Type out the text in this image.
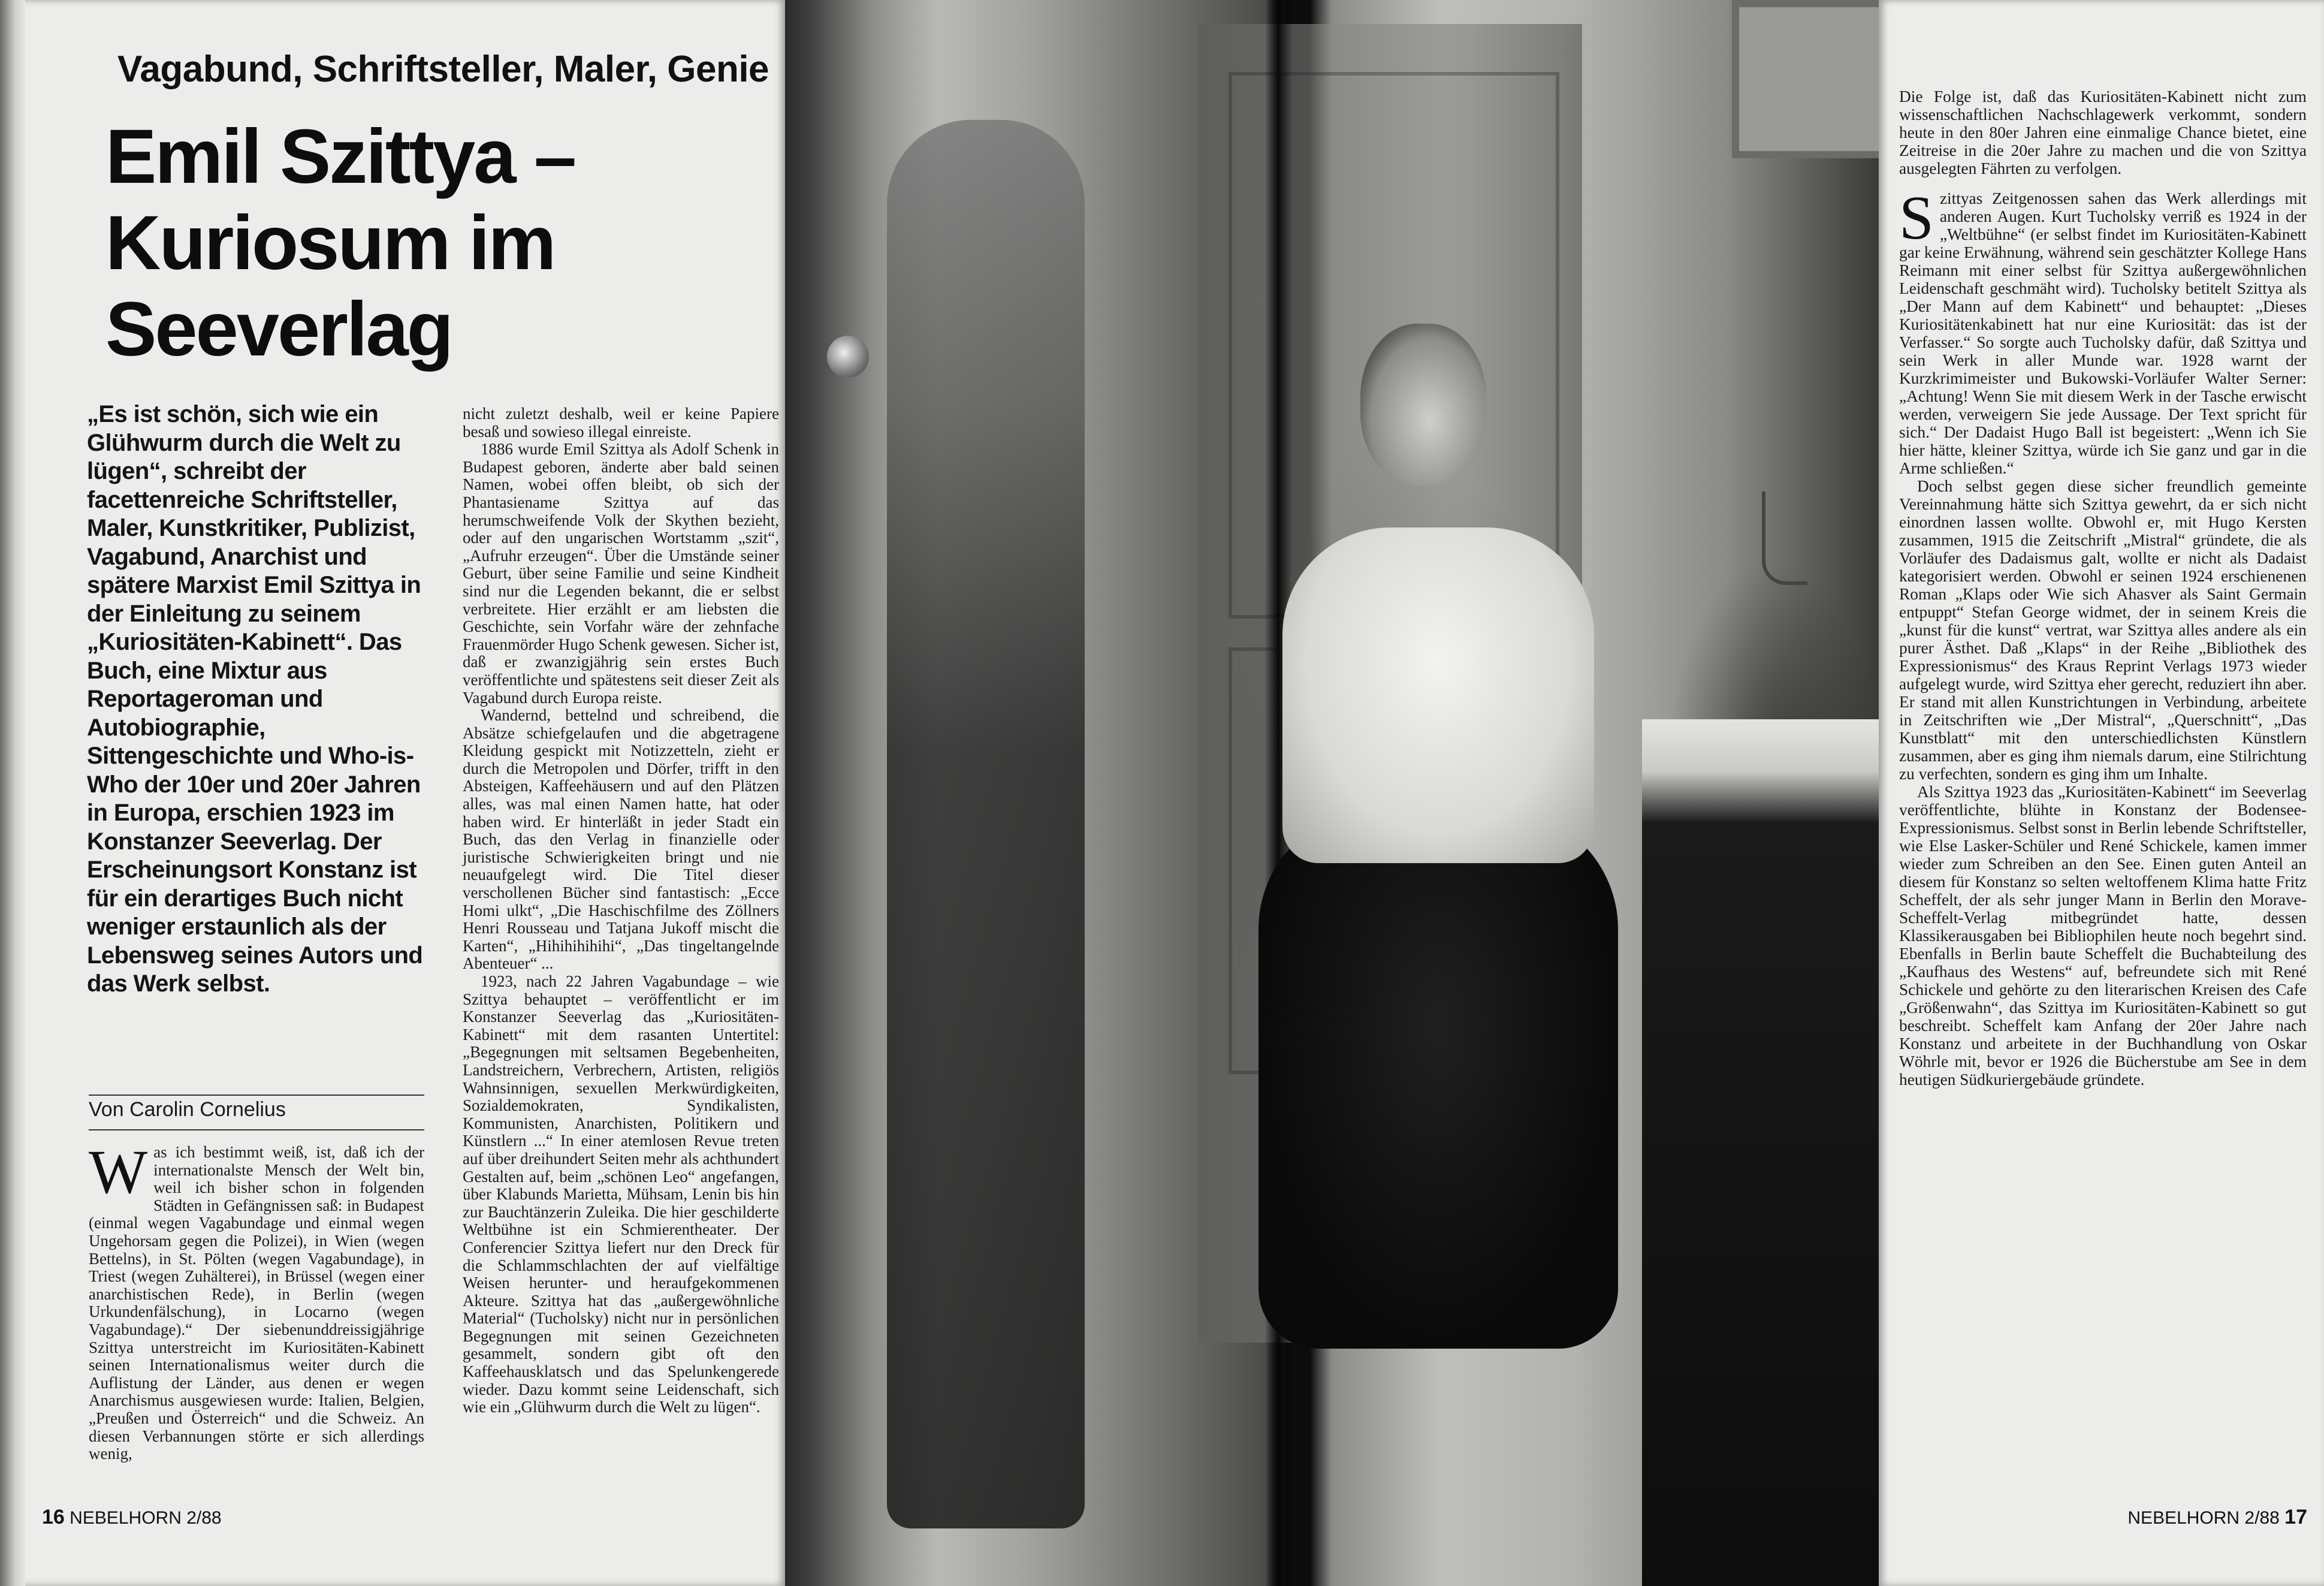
Vagabund, Schriftsteller, Maler, Genie
Emil Szittya –
Kuriosum im
Seeverlag
„Es ist schön, sich wie ein Glühwurm durch die Welt zu lügen“, schreibt der facettenreiche Schriftsteller, Maler, Kunstkritiker, Publizist, Vagabund, Anarchist und spätere Marxist Emil Szittya in der Einleitung zu seinem „Kuriositäten-Kabinett“. Das Buch, eine Mixtur aus Reportageroman und Autobiographie, Sittengeschichte und Who-is-Who der 10er und 20er Jahren in Europa, erschien 1923 im Konstanzer Seeverlag. Der Erscheinungsort Konstanz ist für ein derartiges Buch nicht weniger erstaunlich als der Lebensweg seines Autors und das Werk selbst.
Von Carolin Cornelius

Was ich bestimmt weiß, ist, daß ich der internationalste Mensch der Welt bin, weil ich bisher schon in folgenden Städten in Gefängnissen saß: in Budapest (einmal wegen Vagabundage und einmal wegen Ungehorsam gegen die Polizei), in Wien (wegen Bettelns), in St. Pölten (wegen Vagabundage), in Triest (wegen Zuhälterei), in Brüssel (wegen einer anarchistischen Rede), in Berlin (wegen Urkundenfälschung), in Locarno (wegen Vagabundage).“ Der siebenunddreissigjährige Szittya unterstreicht im Kuriositäten-Kabinett seinen Internationalismus weiter durch die Auflistung der Länder, aus denen er wegen Anarchismus ausgewiesen wurde: Italien, Belgien, „Preußen und Österreich“ und die Schweiz. An diesen Verbannungen störte er sich allerdings wenig,

nicht zuletzt deshalb, weil er keine Papiere besaß und sowieso illegal einreiste.

1886 wurde Emil Szittya als Adolf Schenk in Budapest geboren, änderte aber bald seinen Namen, wobei offen bleibt, ob sich der Phantasiename Szittya auf das herumschweifende Volk der Skythen bezieht, oder auf den ungarischen Wortstamm „szit“, „Aufruhr erzeugen“. Über die Umstände seiner Geburt, über seine Familie und seine Kindheit sind nur die Legenden bekannt, die er selbst verbreitete. Hier erzählt er am liebsten die Geschichte, sein Vorfahr wäre der zehnfache Frauenmörder Hugo Schenk gewesen. Sicher ist, daß er zwanzigjährig sein erstes Buch veröffentlichte und spätestens seit dieser Zeit als Vagabund durch Europa reiste.

Wandernd, bettelnd und schreibend, die Absätze schiefgelaufen und die abgetragene Kleidung gespickt mit Notizzetteln, zieht er durch die Metropolen und Dörfer, trifft in den Absteigen, Kaffeehäusern und auf den Plätzen alles, was mal einen Namen hatte, hat oder haben wird. Er hinterläßt in jeder Stadt ein Buch, das den Verlag in finanzielle oder juristische Schwierigkeiten bringt und nie neuaufgelegt wird. Die Titel dieser verschollenen Bücher sind fantastisch: „Ecce Homi ulkt“, „Die Haschischfilme des Zöllners Henri Rousseau und Tatjana Jukoff mischt die Karten“, „Hihihihihihi“, „Das tingeltangelnde Abenteuer“ ...

1923, nach 22 Jahren Vagabundage – wie Szittya behauptet – veröffentlicht er im Konstanzer Seeverlag das „Kuriositäten-Kabinett“ mit dem rasanten Untertitel: „Begegnungen mit seltsamen Begebenheiten, Landstreichern, Verbrechern, Artisten, religiös Wahnsinnigen, sexuellen Merkwürdigkeiten, Sozialdemokraten, Syndikalisten, Kommunisten, Anarchisten, Politikern und Künstlern ...“ In einer atemlosen Revue treten auf über dreihundert Seiten mehr als achthundert Gestalten auf, beim „schönen Leo“ angefangen, über Klabunds Marietta, Mühsam, Lenin bis hin zur Bauchtänzerin Zuleika. Die hier geschilderte Weltbühne ist ein Schmierentheater. Der Conferencier Szittya liefert nur den Dreck für die Schlammschlachten der auf vielfältige Weisen herunter- und heraufgekommenen Akteure. Szittya hat das „außergewöhnliche Material“ (Tucholsky) nicht nur in persönlichen Begegnungen mit seinen Gezeichneten gesammelt, sondern gibt oft den Kaffeehausklatsch und das Spelunkengerede wieder. Dazu kommt seine Leidenschaft, sich wie ein „Glühwurm durch die Welt zu lügen“.

16 NEBELHORN 2/88

Die Folge ist, daß das Kuriositäten-Kabinett nicht zum wissenschaftlichen Nachschlagewerk verkommt, sondern heute in den 80er Jahren eine einmalige Chance bietet, eine Zeitreise in die 20er Jahre zu machen und die von Szittya ausgelegten Fährten zu verfolgen.

Szittyas Zeitgenossen sahen das Werk allerdings mit anderen Augen. Kurt Tucholsky verriß es 1924 in der „Weltbühne“ (er selbst findet im Kuriositäten-Kabinett gar keine Erwähnung, während sein geschätzter Kollege Hans Reimann mit einer selbst für Szittya außergewöhnlichen Leidenschaft geschmäht wird). Tucholsky betitelt Szittya als „Der Mann auf dem Kabinett“ und behauptet: „Dieses Kuriositätenkabinett hat nur eine Kuriosität: das ist der Verfasser.“ So sorgte auch Tucholsky dafür, daß Szittya und sein Werk in aller Munde war. 1928 warnt der Kurzkrimimeister und Bukowski-Vorläufer Walter Serner: „Achtung! Wenn Sie mit diesem Werk in der Tasche erwischt werden, verweigern Sie jede Aussage. Der Text spricht für sich.“ Der Dadaist Hugo Ball ist begeistert: „Wenn ich Sie hier hätte, kleiner Szittya, würde ich Sie ganz und gar in die Arme schließen.“

Doch selbst gegen diese sicher freundlich gemeinte Vereinnahmung hätte sich Szittya gewehrt, da er sich nicht einordnen lassen wollte. Obwohl er, mit Hugo Kersten zusammen, 1915 die Zeitschrift „Mistral“ gründete, die als Vorläufer des Dadaismus galt, wollte er nicht als Dadaist kategorisiert werden. Obwohl er seinen 1924 erschienenen Roman „Klaps oder Wie sich Ahasver als Saint Germain entpuppt“ Stefan George widmet, der in seinem Kreis die „kunst für die kunst“ vertrat, war Szittya alles andere als ein purer Ästhet. Daß „Klaps“ in der Reihe „Bibliothek des Expressionismus“ des Kraus Reprint Verlags 1973 wieder aufgelegt wurde, wird Szittya eher gerecht, reduziert ihn aber. Er stand mit allen Kunstrichtungen in Verbindung, arbeitete in Zeitschriften wie „Der Mistral“, „Querschnitt“, „Das Kunstblatt“ mit den unterschiedlichsten Künstlern zusammen, aber es ging ihm niemals darum, eine Stilrichtung zu verfechten, sondern es ging ihm um Inhalte.

Als Szittya 1923 das „Kuriositäten-Kabinett“ im Seeverlag veröffentlichte, blühte in Konstanz der Bodensee-Expressionismus. Selbst sonst in Berlin lebende Schriftsteller, wie Else Lasker-Schüler und René Schickele, kamen immer wieder zum Schreiben an den See. Einen guten Anteil an diesem für Konstanz so selten weltoffenem Klima hatte Fritz Scheffelt, der als sehr junger Mann in Berlin den Morave-Scheffelt-Verlag mitbegründet hatte, dessen Klassikerausgaben bei Bibliophilen heute noch begehrt sind. Ebenfalls in Berlin baute Scheffelt die Buchabteilung des „Kaufhaus des Westens“ auf, befreundete sich mit René Schickele und gehörte zu den literarischen Kreisen des Cafe „Größenwahn“, das Szittya im Kuriositäten-Kabinett so gut beschreibt. Scheffelt kam Anfang der 20er Jahre nach Konstanz und arbeitete in der Buchhandlung von Oskar Wöhrle mit, bevor er 1926 die Bücherstube am See in dem heutigen Südkuriergebäude gründete.

NEBELHORN 2/88 17
